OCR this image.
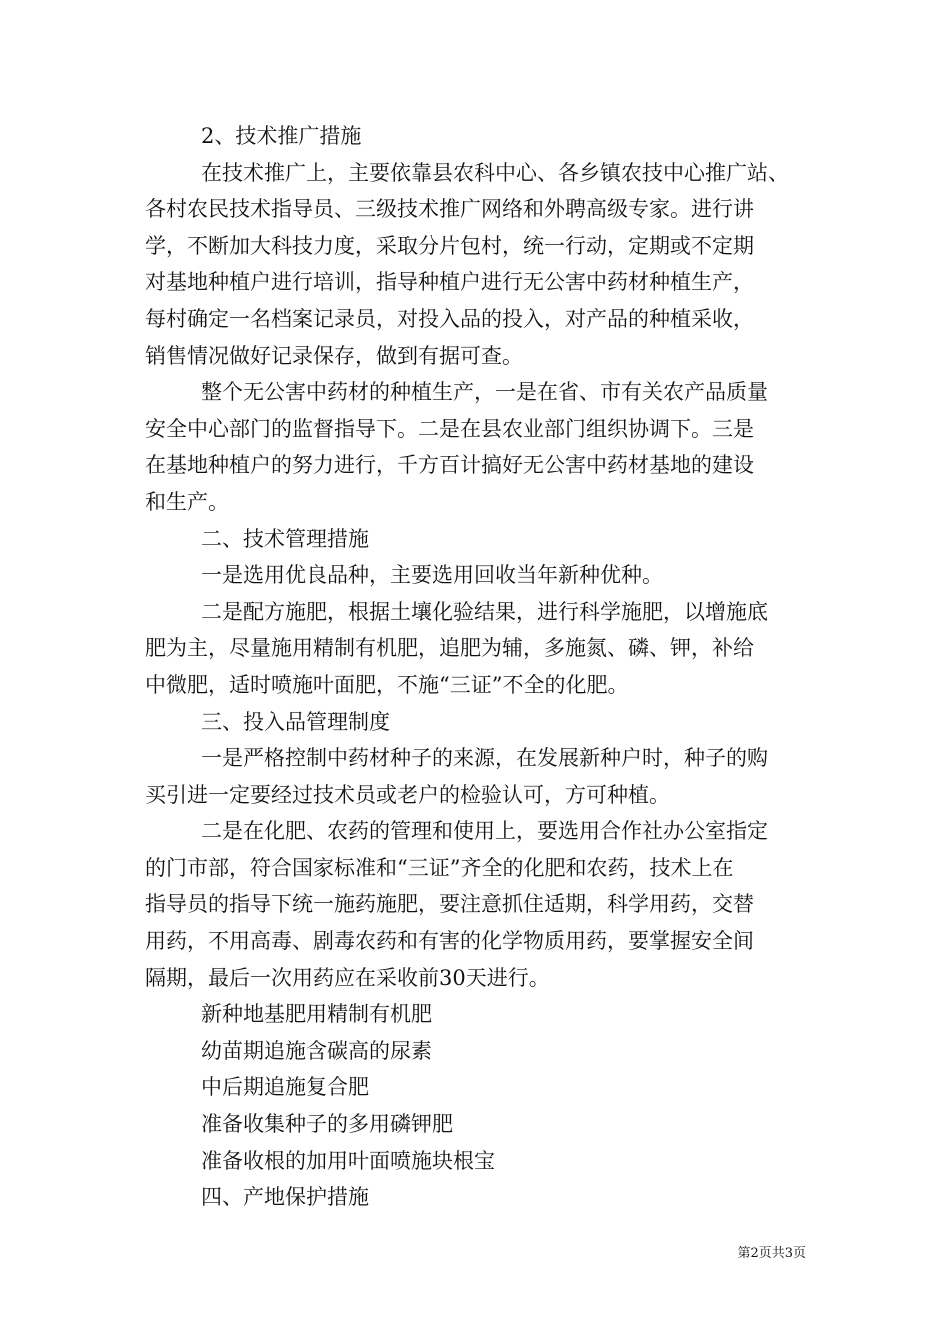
2、技术推广措施
在技术推广上，主要依靠县农科中心、各乡镇农技中心推广站、
各村农民技术指导员、三级技术推广网络和外聘高级专家。进行讲
学，不断加大科技力度，采取分片包村，统一行动，定期或不定期
对基地种植户进行培训，指导种植户进行无公害中药材种植生产，
每村确定一名档案记录员，对投入品的投入，对产品的种植采收，
销售情况做好记录保存，做到有据可查。
整个无公害中药材的种植生产，一是在省、市有关农产品质量
安全中心部门的监督指导下。二是在县农业部门组织协调下。三是
在基地种植户的努力进行，千方百计搞好无公害中药材基地的建设
和生产。
二、技术管理措施
一是选用优良品种，主要选用回收当年新种优种。
二是配方施肥，根据土壤化验结果，进行科学施肥，以增施底
肥为主，尽量施用精制有机肥，追肥为辅，多施氮、磷、钾，补给
中微肥，适时喷施叶面肥，不施“三证”不全的化肥。
三、投入品管理制度
一是严格控制中药材种子的来源，在发展新种户时，种子的购
买引进一定要经过技术员或老户的检验认可，方可种植。
二是在化肥、农药的管理和使用上，要选用合作社办公室指定
的门市部，符合国家标准和“三证”齐全的化肥和农药，技术上在
指导员的指导下统一施药施肥，要注意抓住适期，科学用药，交替
用药，不用高毒、剧毒农药和有害的化学物质用药，要掌握安全间
隔期，最后一次用药应在采收前30天进行。
新种地基肥用精制有机肥
幼苗期追施含碳高的尿素
中后期追施复合肥
准备收集种子的多用磷钾肥
准备收根的加用叶面喷施块根宝
四、产地保护措施
第2页共3页
